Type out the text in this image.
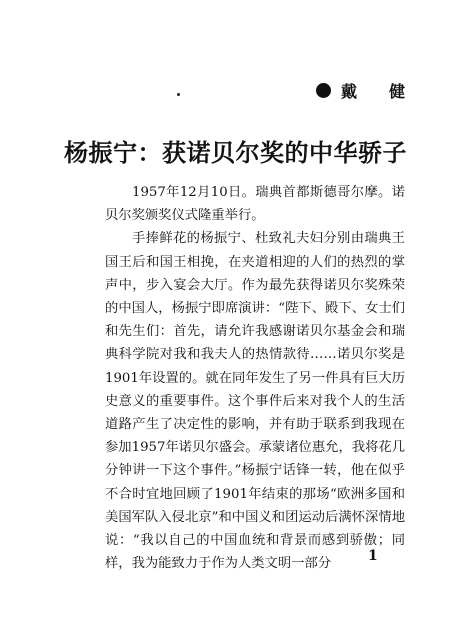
戴　健
杨振宁：获诺贝尔奖的中华骄子

1957年12月10日。瑞典首都斯德哥尔摩。诺贝尔奖颁奖仪式隆重举行。

手捧鲜花的杨振宁、杜致礼夫妇分别由瑞典王国王后和国王相挽，在夹道相迎的人们的热烈的掌声中，步入宴会大厅。作为最先获得诺贝尔奖殊荣的中国人，杨振宁即席演讲：“陛下、殿下、女士们和先生们：首先，请允许我感谢诺贝尔基金会和瑞典科学院对我和我夫人的热情款待……诺贝尔奖是1901年设置的。就在同年发生了另一件具有巨大历史意义的重要事件。这个事件后来对我个人的生活道路产生了决定性的影响，并有助于联系到我现在参加1957年诺贝尔盛会。承蒙诸位惠允，我将花几分钟讲一下这个事件。”杨振宁话锋一转，他在似乎不合时宜地回顾了1901年结束的那场“欧洲多国和美国军队入侵北京”和中国义和团运动后满怀深情地说：“我以自己的中国血统和背景而感到骄傲；同样，我为能致力于作为人类文明一部分	1
